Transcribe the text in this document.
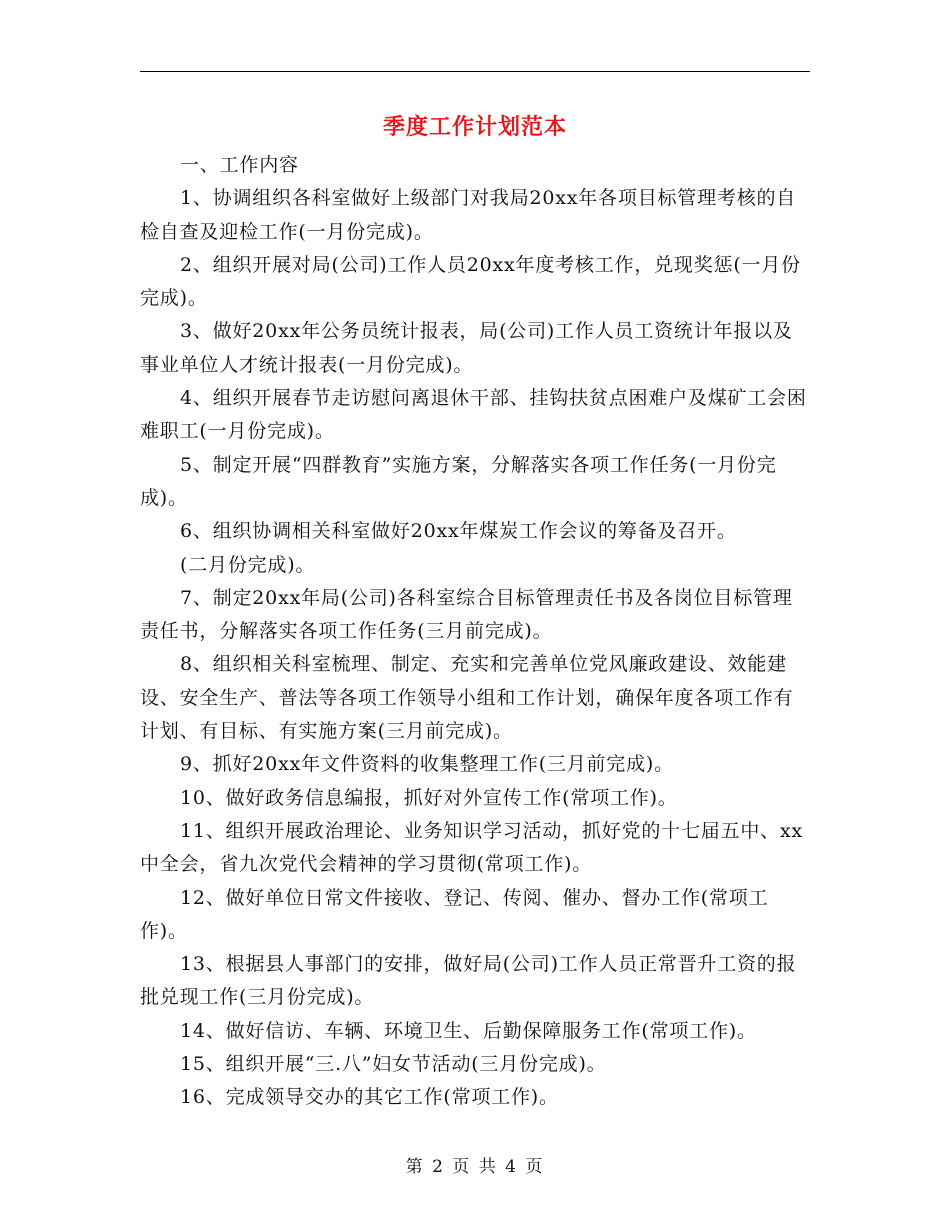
季度工作计划范本

一、工作内容

1、协调组织各科室做好上级部门对我局20xx年各项目标管理考核的自检自查及迎检工作(一月份完成)。

2、组织开展对局(公司)工作人员20xx年度考核工作，兑现奖惩(一月份完成)。

3、做好20xx年公务员统计报表，局(公司)工作人员工资统计年报以及事业单位人才统计报表(一月份完成)。

4、组织开展春节走访慰问离退休干部、挂钩扶贫点困难户及煤矿工会困难职工(一月份完成)。

5、制定开展“四群教育”实施方案，分解落实各项工作任务(一月份完成)。

6、组织协调相关科室做好20xx年煤炭工作会议的筹备及召开。

(二月份完成)。

7、制定20xx年局(公司)各科室综合目标管理责任书及各岗位目标管理责任书，分解落实各项工作任务(三月前完成)。

8、组织相关科室梳理、制定、充实和完善单位党风廉政建设、效能建设、安全生产、普法等各项工作领导小组和工作计划，确保年度各项工作有计划、有目标、有实施方案(三月前完成)。

9、抓好20xx年文件资料的收集整理工作(三月前完成)。

10、做好政务信息编报，抓好对外宣传工作(常项工作)。

11、组织开展政治理论、业务知识学习活动，抓好党的十七届五中、xx中全会，省九次党代会精神的学习贯彻(常项工作)。

12、做好单位日常文件接收、登记、传阅、催办、督办工作(常项工作)。

13、根据县人事部门的安排，做好局(公司)工作人员正常晋升工资的报批兑现工作(三月份完成)。

14、做好信访、车辆、环境卫生、后勤保障服务工作(常项工作)。

15、组织开展“三.八”妇女节活动(三月份完成)。

16、完成领导交办的其它工作(常项工作)。

第 2 页 共 4 页
